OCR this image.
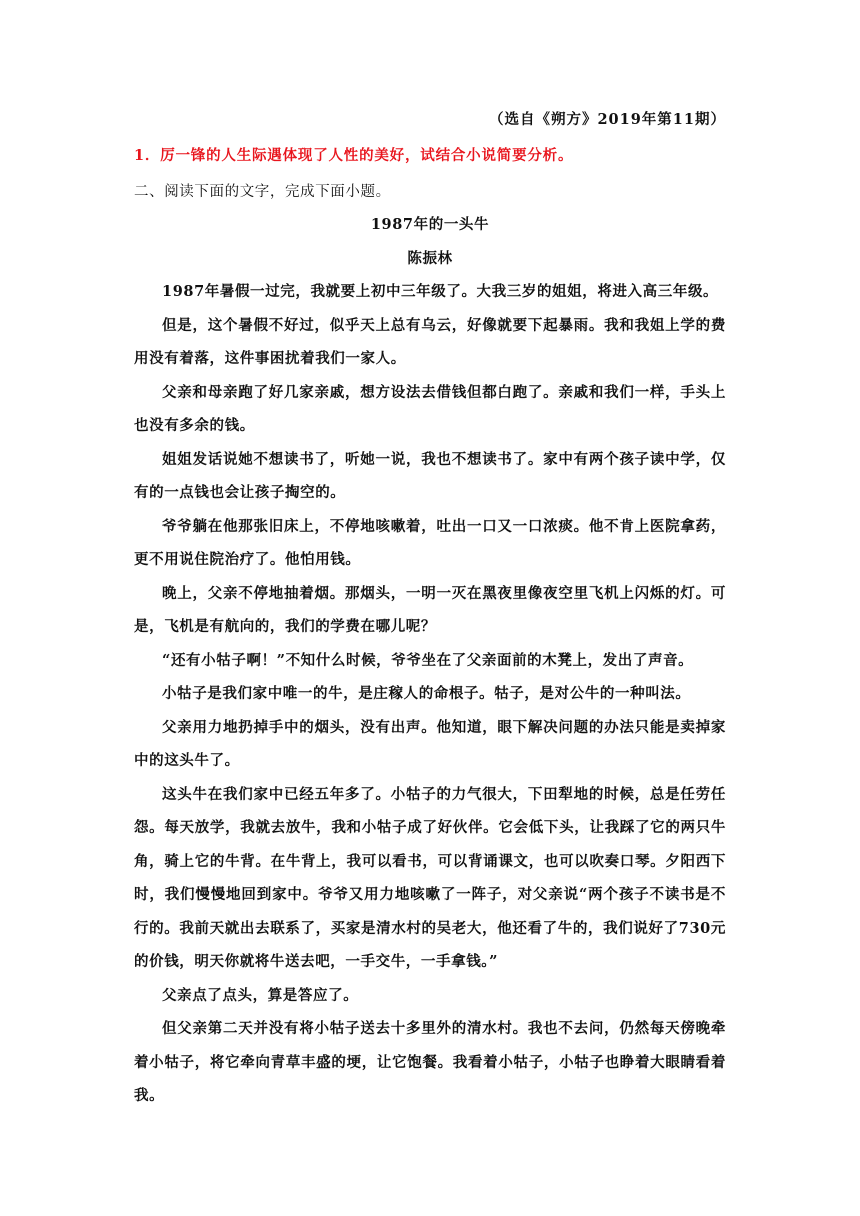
（选自《朔方》2019年第11期）
1．厉一锋的人生际遇体现了人性的美好，试结合小说简要分析。
二、阅读下面的文字，完成下面小题。
1987年的一头牛
陈振林
1987年暑假一过完，我就要上初中三年级了。大我三岁的姐姐，将进入高三年级。
但是，这个暑假不好过，似乎天上总有乌云，好像就要下起暴雨。我和我姐上学的费
用没有着落，这件事困扰着我们一家人。
父亲和母亲跑了好几家亲戚，想方设法去借钱但都白跑了。亲戚和我们一样，手头上
也没有多余的钱。
姐姐发话说她不想读书了，听她一说，我也不想读书了。家中有两个孩子读中学，仅
有的一点钱也会让孩子掏空的。
爷爷躺在他那张旧床上，不停地咳嗽着，吐出一口又一口浓痰。他不肯上医院拿药，
更不用说住院治疗了。他怕用钱。
晚上，父亲不停地抽着烟。那烟头，一明一灭在黑夜里像夜空里飞机上闪烁的灯。可
是，飞机是有航向的，我们的学费在哪儿呢？
“还有小牯子啊！”不知什么时候，爷爷坐在了父亲面前的木凳上，发出了声音。
小牯子是我们家中唯一的牛，是庄稼人的命根子。牯子，是对公牛的一种叫法。
父亲用力地扔掉手中的烟头，没有出声。他知道，眼下解决问题的办法只能是卖掉家
中的这头牛了。
这头牛在我们家中已经五年多了。小牯子的力气很大，下田犁地的时候，总是任劳任
怨。每天放学，我就去放牛，我和小牯子成了好伙伴。它会低下头，让我踩了它的两只牛
角，骑上它的牛背。在牛背上，我可以看书，可以背诵课文，也可以吹奏口琴。夕阳西下
时，我们慢慢地回到家中。爷爷又用力地咳嗽了一阵子，对父亲说“两个孩子不读书是不
行的。我前天就出去联系了，买家是清水村的吴老大，他还看了牛的，我们说好了730元
的价钱，明天你就将牛送去吧，一手交牛，一手拿钱。”
父亲点了点头，算是答应了。
但父亲第二天并没有将小牯子送去十多里外的清水村。我也不去问，仍然每天傍晚牵
着小牯子，将它牵向青草丰盛的埂，让它饱餐。我看着小牯子，小牯子也睁着大眼睛看着
我。
